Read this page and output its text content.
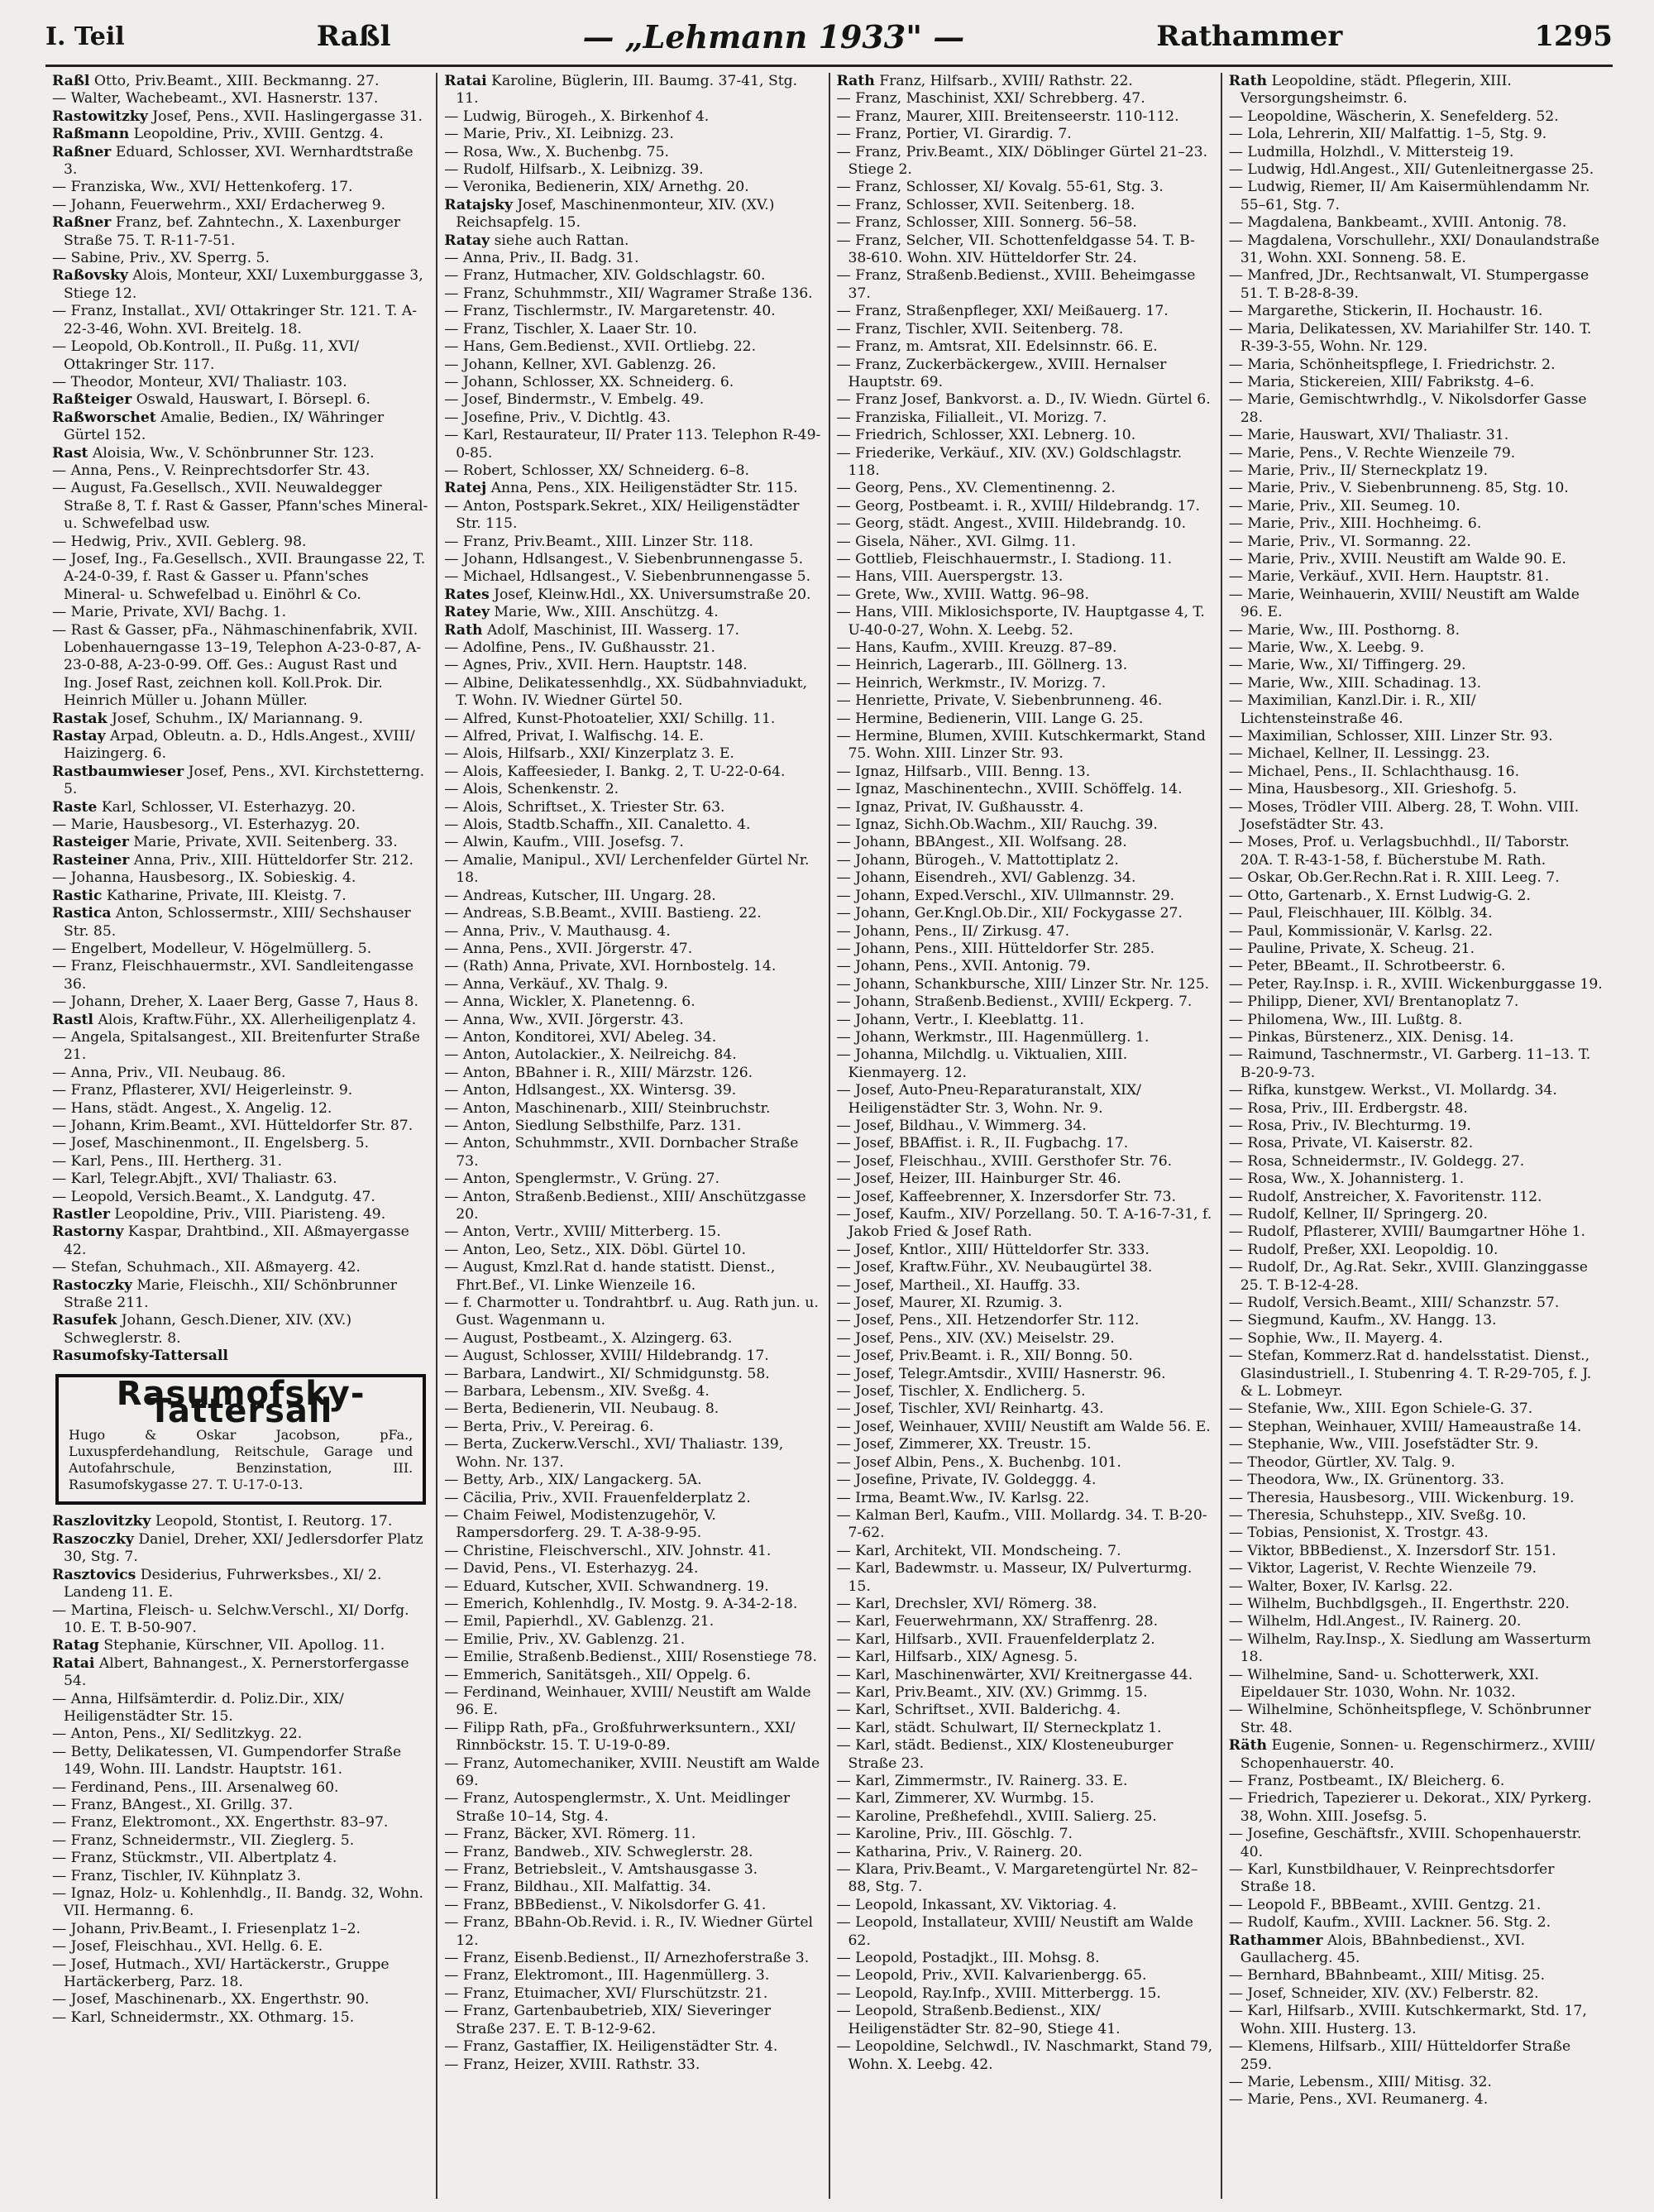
I. Teil	Raßl	— „Lehmann 1933" —	Rathammer	1295

Raßl Otto, Priv.Beamt., XIII. Beckmanng. 27.

— Walter, Wachebeamt., XVI. Hasnerstr. 137.

Rastowitzky Josef, Pens., XVII. Haslingergasse 31.

Raßmann Leopoldine, Priv., XVIII. Gentzg. 4.

Raßner Eduard, Schlosser, XVI. Wernhardtstraße 3.

— Franziska, Ww., XVI/ Hettenkoferg. 17.

— Johann, Feuerwehrm., XXI/ Erdacherweg 9.

Raßner Franz, bef. Zahntechn., X. Laxenburger Straße 75. T. R-11-7-51.

— Sabine, Priv., XV. Sperrg. 5.

Raßovsky Alois, Monteur, XXI/ Luxemburggasse 3, Stiege 12.

— Franz, Installat., XVI/ Ottakringer Str. 121. T. A-22-3-46, Wohn. XVI. Breitelg. 18.

— Leopold, Ob.Kontroll., II. Pußg. 11, XVI/ Ottakringer Str. 117.

— Theodor, Monteur, XVI/ Thaliastr. 103.

Raßteiger Oswald, Hauswart, I. Börsepl. 6.

Raßworschet Amalie, Bedien., IX/ Währinger Gürtel 152.

Rast Aloisia, Ww., V. Schönbrunner Str. 123.

— Anna, Pens., V. Reinprechtsdorfer Str. 43.

— August, Fa.Gesellsch., XVII. Neuwaldegger Straße 8, T. f. Rast & Gasser, Pfann'sches Mineral- u. Schwefelbad usw.

— Hedwig, Priv., XVII. Geblerg. 98.

— Josef, Ing., Fa.Gesellsch., XVII. Braungasse 22, T. A-24-0-39, f. Rast & Gasser u. Pfann'sches Mineral- u. Schwefelbad u. Einöhrl & Co.

— Marie, Private, XVI/ Bachg. 1.

— Rast & Gasser, pFa., Nähmaschinenfabrik, XVII. Lobenhauerngasse 13–19, Telephon A-23-0-87, A-23-0-88, A-23-0-99. Off. Ges.: August Rast und Ing. Josef Rast, zeichnen koll. Koll.Prok. Dir. Heinrich Müller u. Johann Müller.

Rastak Josef, Schuhm., IX/ Mariannang. 9.

Rastay Arpad, Obleutn. a. D., Hdls.Angest., XVIII/ Haizingerg. 6.

Rastbaumwieser Josef, Pens., XVI. Kirchstetterng. 5.

Raste Karl, Schlosser, VI. Esterhazyg. 20.

— Marie, Hausbesorg., VI. Esterhazyg. 20.

Rasteiger Marie, Private, XVII. Seitenberg. 33.

Rasteiner Anna, Priv., XIII. Hütteldorfer Str. 212.

— Johanna, Hausbesorg., IX. Sobieskig. 4.

Rastic Katharine, Private, III. Kleistg. 7.

Rastica Anton, Schlossermstr., XIII/ Sechshauser Str. 85.

— Engelbert, Modelleur, V. Högelmüllerg. 5.

— Franz, Fleischhauermstr., XVI. Sandleitengasse 36.

— Johann, Dreher, X. Laaer Berg, Gasse 7, Haus 8.

Rastl Alois, Kraftw.Führ., XX. Allerheiligenplatz 4.

— Angela, Spitalsangest., XII. Breitenfurter Straße 21.

— Anna, Priv., VII. Neubaug. 86.

— Franz, Pflasterer, XVI/ Heigerleinstr. 9.

— Hans, städt. Angest., X. Angelig. 12.

— Johann, Krim.Beamt., XVI. Hütteldorfer Str. 87.

— Josef, Maschinenmont., II. Engelsberg. 5.

— Karl, Pens., III. Hertherg. 31.

— Karl, Telegr.Abjft., XVI/ Thaliastr. 63.

— Leopold, Versich.Beamt., X. Landgutg. 47.

Rastler Leopoldine, Priv., VIII. Piaristeng. 49.

Rastorny Kaspar, Drahtbind., XII. Aßmayergasse 42.

— Stefan, Schuhmach., XII. Aßmayerg. 42.

Rastoczky Marie, Fleischh., XII/ Schönbrunner Straße 211.

Rasufek Johann, Gesch.Diener, XIV. (XV.) Schweglerstr. 8.

Rasumofsky-Tattersall

Rasumofsky-Tattersall
Hugo & Oskar Jacobson, pFa., Luxuspferdehandlung, Reitschule, Garage und Autofahrschule, Benzinstation, III. Rasumofskygasse 27. T. U-17-0-13.

Raszlovitzky Leopold, Stontist, I. Reutorg. 17.

Raszoczky Daniel, Dreher, XXI/ Jedlersdorfer Platz 30, Stg. 7.

Rasztovics Desiderius, Fuhrwerksbes., XI/ 2. Landeng 11. E.

— Martina, Fleisch- u. Selchw.Verschl., XI/ Dorfg. 10. E. T. B-50-907.

Ratag Stephanie, Kürschner, VII. Apollog. 11.

Ratai Albert, Bahnangest., X. Pernerstorfergasse 54.

— Anna, Hilfsämterdir. d. Poliz.Dir., XIX/ Heiligenstädter Str. 15.

— Anton, Pens., XI/ Sedlitzkyg. 22.

— Betty, Delikatessen, VI. Gumpendorfer Straße 149, Wohn. III. Landstr. Hauptstr. 161.

— Ferdinand, Pens., III. Arsenalweg 60.

— Franz, BAngest., XI. Grillg. 37.

— Franz, Elektromont., XX. Engerthstr. 83–97.

— Franz, Schneidermstr., VII. Zieglerg. 5.

— Franz, Stückmstr., VII. Albertplatz 4.

— Franz, Tischler, IV. Kühnplatz 3.

— Ignaz, Holz- u. Kohlenhdlg., II. Bandg. 32, Wohn. VII. Hermanng. 6.

— Johann, Priv.Beamt., I. Friesenplatz 1–2.

— Josef, Fleischhau., XVI. Hellg. 6. E.

— Josef, Hutmach., XVI/ Hartäckerstr., Gruppe Hartäckerberg, Parz. 18.

— Josef, Maschinenarb., XX. Engerthstr. 90.

— Karl, Schneidermstr., XX. Othmarg. 15.

Ratai Karoline, Büglerin, III. Baumg. 37-41, Stg. 11.

— Ludwig, Bürogeh., X. Birkenhof 4.

— Marie, Priv., XI. Leibnizg. 23.

— Rosa, Ww., X. Buchenbg. 75.

— Rudolf, Hilfsarb., X. Leibnizg. 39.

— Veronika, Bedienerin, XIX/ Arnethg. 20.

Ratajsky Josef, Maschinenmonteur, XIV. (XV.) Reichsapfelg. 15.

Ratay siehe auch Rattan.

— Anna, Priv., II. Badg. 31.

— Franz, Hutmacher, XIV. Goldschlagstr. 60.

— Franz, Schuhmmstr., XII/ Wagramer Straße 136.

— Franz, Tischlermstr., IV. Margaretenstr. 40.

— Franz, Tischler, X. Laaer Str. 10.

— Hans, Gem.Bedienst., XVII. Ortliebg. 22.

— Johann, Kellner, XVI. Gablenzg. 26.

— Johann, Schlosser, XX. Schneiderg. 6.

— Josef, Bindermstr., V. Embelg. 49.

— Josefine, Priv., V. Dichtlg. 43.

— Karl, Restaurateur, II/ Prater 113. Telephon R-49-0-85.

— Robert, Schlosser, XX/ Schneiderg. 6–8.

Ratej Anna, Pens., XIX. Heiligenstädter Str. 115.

— Anton, Postspark.Sekret., XIX/ Heiligenstädter Str. 115.

— Franz, Priv.Beamt., XIII. Linzer Str. 118.

— Johann, Hdlsangest., V. Siebenbrunnengasse 5.

— Michael, Hdlsangest., V. Siebenbrunnengasse 5.

Rates Josef, Kleinw.Hdl., XX. Universumstraße 20.

Ratey Marie, Ww., XIII. Anschützg. 4.

Rath Adolf, Maschinist, III. Wasserg. 17.

— Adolfine, Pens., IV. Gußhausstr. 21.

— Agnes, Priv., XVII. Hern. Hauptstr. 148.

— Albine, Delikatessenhdlg., XX. Südbahnviadukt, T. Wohn. IV. Wiedner Gürtel 50.

— Alfred, Kunst-Photoatelier, XXI/ Schillg. 11.

— Alfred, Privat, I. Walfischg. 14. E.

— Alois, Hilfsarb., XXI/ Kinzerplatz 3. E.

— Alois, Kaffeesieder, I. Bankg. 2, T. U-22-0-64.

— Alois, Schenkenstr. 2.

— Alois, Schriftset., X. Triester Str. 63.

— Alois, Stadtb.Schaffn., XII. Canaletto. 4.

— Alwin, Kaufm., VIII. Josefsg. 7.

— Amalie, Manipul., XVI/ Lerchenfelder Gürtel Nr. 18.

— Andreas, Kutscher, III. Ungarg. 28.

— Andreas, S.B.Beamt., XVIII. Bastieng. 22.

— Anna, Priv., V. Mauthausg. 4.

— Anna, Pens., XVII. Jörgerstr. 47.

— (Rath) Anna, Private, XVI. Hornbostelg. 14.

— Anna, Verkäuf., XV. Thalg. 9.

— Anna, Wickler, X. Planetenng. 6.

— Anna, Ww., XVII. Jörgerstr. 43.

— Anton, Konditorei, XVI/ Abeleg. 34.

— Anton, Autolackier., X. Neilreichg. 84.

— Anton, BBahner i. R., XIII/ Märzstr. 126.

— Anton, Hdlsangest., XX. Wintersg. 39.

— Anton, Maschinenarb., XIII/ Steinbruchstr.

— Anton, Siedlung Selbsthilfe, Parz. 131.

— Anton, Schuhmmstr., XVII. Dornbacher Straße 73.

— Anton, Spenglermstr., V. Grüng. 27.

— Anton, Straßenb.Bedienst., XIII/ Anschützgasse 20.

— Anton, Vertr., XVIII/ Mitterberg. 15.

— Anton, Leo, Setz., XIX. Döbl. Gürtel 10.

— August, Kmzl.Rat d. hande statistt. Dienst., Fhrt.Bef., VI. Linke Wienzeile 16.

— f. Charmotter u. Tondrahtbrf. u. Aug. Rath jun. u. Gust. Wagenmann u.

— August, Postbeamt., X. Alzingerg. 63.

— August, Schlosser, XVIII/ Hildebrandg. 17.

— Barbara, Landwirt., XI/ Schmidgunstg. 58.

— Barbara, Lebensm., XIV. Sveßg. 4.

— Berta, Bedienerin, VII. Neubaug. 8.

— Berta, Priv., V. Pereirag. 6.

— Berta, Zuckerw.Verschl., XVI/ Thaliastr. 139, Wohn. Nr. 137.

— Betty, Arb., XIX/ Langackerg. 5A.

— Cäcilia, Priv., XVII. Frauenfelderplatz 2.

— Chaim Feiwel, Modistenzugehör, V. Rampersdorferg. 29. T. A-38-9-95.

— Christine, Fleischverschl., XIV. Johnstr. 41.

— David, Pens., VI. Esterhazyg. 24.

— Eduard, Kutscher, XVII. Schwandnerg. 19.

— Emerich, Kohlenhdlg., IV. Mostg. 9. A-34-2-18.

— Emil, Papierhdl., XV. Gablenzg. 21.

— Emilie, Priv., XV. Gablenzg. 21.

— Emilie, Straßenb.Bedienst., XIII/ Rosenstiege 78.

— Emmerich, Sanitätsgeh., XII/ Oppelg. 6.

— Ferdinand, Weinhauer, XVIII/ Neustift am Walde 96. E.

— Filipp Rath, pFa., Großfuhrwerksuntern., XXI/ Rinnböckstr. 15. T. U-19-0-89.

— Franz, Automechaniker, XVIII. Neustift am Walde 69.

— Franz, Autospenglermstr., X. Unt. Meidlinger Straße 10–14, Stg. 4.

— Franz, Bäcker, XVI. Römerg. 11.

— Franz, Bandweb., XIV. Schweglerstr. 28.

— Franz, Betriebsleit., V. Amtshausgasse 3.

— Franz, Bildhau., XII. Malfattig. 34.

— Franz, BBBedienst., V. Nikolsdorfer G. 41.

— Franz, BBahn-Ob.Revid. i. R., IV. Wiedner Gürtel 12.

— Franz, Eisenb.Bedienst., II/ Arnezhoferstraße 3.

— Franz, Elektromont., III. Hagenmüllerg. 3.

— Franz, Etuimacher, XVI/ Flurschützstr. 21.

— Franz, Gartenbaubetrieb, XIX/ Sieveringer Straße 237. E. T. B-12-9-62.

— Franz, Gastaffier, IX. Heiligenstädter Str. 4.

— Franz, Heizer, XVIII. Rathstr. 33.

Rath Franz, Hilfsarb., XVIII/ Rathstr. 22.

— Franz, Maschinist, XXI/ Schrebberg. 47.

— Franz, Maurer, XIII. Breitenseerstr. 110-112.

— Franz, Portier, VI. Girardig. 7.

— Franz, Priv.Beamt., XIX/ Döblinger Gürtel 21–23. Stiege 2.

— Franz, Schlosser, XI/ Kovalg. 55-61, Stg. 3.

— Franz, Schlosser, XVII. Seitenberg. 18.

— Franz, Schlosser, XIII. Sonnerg. 56–58.

— Franz, Selcher, VII. Schottenfeldgasse 54. T. B-38-610. Wohn. XIV. Hütteldorfer Str. 24.

— Franz, Straßenb.Bedienst., XVIII. Beheimgasse 37.

— Franz, Straßenpfleger, XXI/ Meißauerg. 17.

— Franz, Tischler, XVII. Seitenberg. 78.

— Franz, m. Amtsrat, XII. Edelsinnstr. 66. E.

— Franz, Zuckerbäckergew., XVIII. Hernalser Hauptstr. 69.

— Franz Josef, Bankvorst. a. D., IV. Wiedn. Gürtel 6.

— Franziska, Filialleit., VI. Morizg. 7.

— Friedrich, Schlosser, XXI. Lebnerg. 10.

— Friederike, Verkäuf., XIV. (XV.) Goldschlagstr. 118.

— Georg, Pens., XV. Clementinenng. 2.

— Georg, Postbeamt. i. R., XVIII/ Hildebrandg. 17.

— Georg, städt. Angest., XVIII. Hildebrandg. 10.

— Gisela, Näher., XVI. Gilmg. 11.

— Gottlieb, Fleischhauermstr., I. Stadiong. 11.

— Hans, VIII. Auerspergstr. 13.

— Grete, Ww., XVIII. Wattg. 96–98.

— Hans, VIII. Miklosichsporte, IV. Hauptgasse 4, T. U-40-0-27, Wohn. X. Leebg. 52.

— Hans, Kaufm., XVIII. Kreuzg. 87–89.

— Heinrich, Lagerarb., III. Göllnerg. 13.

— Heinrich, Werkmstr., IV. Morizg. 7.

— Henriette, Private, V. Siebenbrunneng. 46.

— Hermine, Bedienerin, VIII. Lange G. 25.

— Hermine, Blumen, XVIII. Kutschkermarkt, Stand 75. Wohn. XIII. Linzer Str. 93.

— Ignaz, Hilfsarb., VIII. Benng. 13.

— Ignaz, Maschinentechn., XVIII. Schöffelg. 14.

— Ignaz, Privat, IV. Gußhausstr. 4.

— Ignaz, Sichh.Ob.Wachm., XII/ Rauchg. 39.

— Johann, BBAngest., XII. Wolfsang. 28.

— Johann, Bürogeh., V. Mattottiplatz 2.

— Johann, Eisendreh., XVI/ Gablenzg. 34.

— Johann, Exped.Verschl., XIV. Ullmannstr. 29.

— Johann, Ger.Kngl.Ob.Dir., XII/ Fockygasse 27.

— Johann, Pens., II/ Zirkusg. 47.

— Johann, Pens., XIII. Hütteldorfer Str. 285.

— Johann, Pens., XVII. Antonig. 79.

— Johann, Schankbursche, XIII/ Linzer Str. Nr. 125.

— Johann, Straßenb.Bedienst., XVIII/ Eckperg. 7.

— Johann, Vertr., I. Kleeblattg. 11.

— Johann, Werkmstr., III. Hagenmüllerg. 1.

— Johanna, Milchdlg. u. Viktualien, XIII. Kienmayerg. 12.

— Josef, Auto-Pneu-Reparaturanstalt, XIX/ Heiligenstädter Str. 3, Wohn. Nr. 9.

— Josef, Bildhau., V. Wimmerg. 34.

— Josef, BBAffist. i. R., II. Fugbachg. 17.

— Josef, Fleischhau., XVIII. Gersthofer Str. 76.

— Josef, Heizer, III. Hainburger Str. 46.

— Josef, Kaffeebrenner, X. Inzersdorfer Str. 73.

— Josef, Kaufm., XIV/ Porzellang. 50. T. A-16-7-31, f. Jakob Fried & Josef Rath.

— Josef, Kntlor., XIII/ Hütteldorfer Str. 333.

— Josef, Kraftw.Führ., XV. Neubaugürtel 38.

— Josef, Martheil., XI. Hauffg. 33.

— Josef, Maurer, XI. Rzumig. 3.

— Josef, Pens., XII. Hetzendorfer Str. 112.

— Josef, Pens., XIV. (XV.) Meiselstr. 29.

— Josef, Priv.Beamt. i. R., XII/ Bonng. 50.

— Josef, Telegr.Amtsdir., XVIII/ Hasnerstr. 96.

— Josef, Tischler, X. Endlicherg. 5.

— Josef, Tischler, XVI/ Reinhartg. 43.

— Josef, Weinhauer, XVIII/ Neustift am Walde 56. E.

— Josef, Zimmerer, XX. Treustr. 15.

— Josef Albin, Pens., X. Buchenbg. 101.

— Josefine, Private, IV. Goldeggg. 4.

— Irma, Beamt.Ww., IV. Karlsg. 22.

— Kalman Berl, Kaufm., VIII. Mollardg. 34. T. B-20-7-62.

— Karl, Architekt, VII. Mondscheing. 7.

— Karl, Badewmstr. u. Masseur, IX/ Pulverturmg. 15.

— Karl, Drechsler, XVI/ Römerg. 38.

— Karl, Feuerwehrmann, XX/ Straffenrg. 28.

— Karl, Hilfsarb., XVII. Frauenfelderplatz 2.

— Karl, Hilfsarb., XIX/ Agnesg. 5.

— Karl, Maschinenwärter, XVI/ Kreitnergasse 44.

— Karl, Priv.Beamt., XIV. (XV.) Grimmg. 15.

— Karl, Schriftset., XVII. Balderichg. 4.

— Karl, städt. Schulwart, II/ Sterneckplatz 1.

— Karl, städt. Bedienst., XIX/ Klosteneuburger Straße 23.

— Karl, Zimmermstr., IV. Rainerg. 33. E.

— Karl, Zimmerer, XV. Wurmbg. 15.

— Karoline, Preßhefehdl., XVIII. Salierg. 25.

— Karoline, Priv., III. Göschlg. 7.

— Katharina, Priv., V. Rainerg. 20.

— Klara, Priv.Beamt., V. Margaretengürtel Nr. 82–88, Stg. 7.

— Leopold, Inkassant, XV. Viktoriag. 4.

— Leopold, Installateur, XVIII/ Neustift am Walde 62.

— Leopold, Postadjkt., III. Mohsg. 8.

— Leopold, Priv., XVII. Kalvarienbergg. 65.

— Leopold, Ray.Infp., XVIII. Mitterbergg. 15.

— Leopold, Straßenb.Bedienst., XIX/ Heiligenstädter Str. 82–90, Stiege 41.

— Leopoldine, Selchwdl., IV. Naschmarkt, Stand 79, Wohn. X. Leebg. 42.

Rath Leopoldine, städt. Pflegerin, XIII. Versorgungsheimstr. 6.

— Leopoldine, Wäscherin, X. Senefelderg. 52.

— Lola, Lehrerin, XII/ Malfattig. 1–5, Stg. 9.

— Ludmilla, Holzhdl., V. Mittersteig 19.

— Ludwig, Hdl.Angest., XII/ Gutenleitnergasse 25.

— Ludwig, Riemer, II/ Am Kaisermühlendamm Nr. 55–61, Stg. 7.

— Magdalena, Bankbeamt., XVIII. Antonig. 78.

— Magdalena, Vorschullehr., XXI/ Donaulandstraße 31, Wohn. XXI. Sonneng. 58. E.

— Manfred, JDr., Rechtsanwalt, VI. Stumpergasse 51. T. B-28-8-39.

— Margarethe, Stickerin, II. Hochaustr. 16.

— Maria, Delikatessen, XV. Mariahilfer Str. 140. T. R-39-3-55, Wohn. Nr. 129.

— Maria, Schönheitspflege, I. Friedrichstr. 2.

— Maria, Stickereien, XIII/ Fabrikstg. 4–6.

— Marie, Gemischtwrhdlg., V. Nikolsdorfer Gasse 28.

— Marie, Hauswart, XVI/ Thaliastr. 31.

— Marie, Pens., V. Rechte Wienzeile 79.

— Marie, Priv., II/ Sterneckplatz 19.

— Marie, Priv., V. Siebenbrunneng. 85, Stg. 10.

— Marie, Priv., XII. Seumeg. 10.

— Marie, Priv., XIII. Hochheimg. 6.

— Marie, Priv., VI. Sormanng. 22.

— Marie, Priv., XVIII. Neustift am Walde 90. E.

— Marie, Verkäuf., XVII. Hern. Hauptstr. 81.

— Marie, Weinhauerin, XVIII/ Neustift am Walde 96. E.

— Marie, Ww., III. Posthorng. 8.

— Marie, Ww., X. Leebg. 9.

— Marie, Ww., XI/ Tiffingerg. 29.

— Marie, Ww., XIII. Schadinag. 13.

— Maximilian, Kanzl.Dir. i. R., XII/ Lichtensteinstraße 46.

— Maximilian, Schlosser, XIII. Linzer Str. 93.

— Michael, Kellner, II. Lessingg. 23.

— Michael, Pens., II. Schlachthausg. 16.

— Mina, Hausbesorg., XII. Grieshofg. 5.

— Moses, Trödler VIII. Alberg. 28, T. Wohn. VIII. Josefstädter Str. 43.

— Moses, Prof. u. Verlagsbuchhdl., II/ Taborstr. 20A. T. R-43-1-58, f. Bücherstube M. Rath.

— Oskar, Ob.Ger.Rechn.Rat i. R. XIII. Leeg. 7.

— Otto, Gartenarb., X. Ernst Ludwig-G. 2.

— Paul, Fleischhauer, III. Kölblg. 34.

— Paul, Kommissionär, V. Karlsg. 22.

— Pauline, Private, X. Scheug. 21.

— Peter, BBeamt., II. Schrotbeerstr. 6.

— Peter, Ray.Insp. i. R., XVIII. Wickenburggasse 19.

— Philipp, Diener, XVI/ Brentanoplatz 7.

— Philomena, Ww., III. Lußtg. 8.

— Pinkas, Bürstenerz., XIX. Denisg. 14.

— Raimund, Taschnermstr., VI. Garberg. 11–13. T. B-20-9-73.

— Rifka, kunstgew. Werkst., VI. Mollardg. 34.

— Rosa, Priv., III. Erdbergstr. 48.

— Rosa, Priv., IV. Blechturmg. 19.

— Rosa, Private, VI. Kaiserstr. 82.

— Rosa, Schneidermstr., IV. Goldegg. 27.

— Rosa, Ww., X. Johannisterg. 1.

— Rudolf, Anstreicher, X. Favoritenstr. 112.

— Rudolf, Kellner, II/ Springerg. 20.

— Rudolf, Pflasterer, XVIII/ Baumgartner Höhe 1.

— Rudolf, Preßer, XXI. Leopoldig. 10.

— Rudolf, Dr., Ag.Rat. Sekr., XVIII. Glanzinggasse 25. T. B-12-4-28.

— Rudolf, Versich.Beamt., XIII/ Schanzstr. 57.

— Siegmund, Kaufm., XV. Hangg. 13.

— Sophie, Ww., II. Mayerg. 4.

— Stefan, Kommerz.Rat d. handelsstatist. Dienst., Glasindustriell., I. Stubenring 4. T. R-29-705, f. J. & L. Lobmeyr.

— Stefanie, Ww., XIII. Egon Schiele-G. 37.

— Stephan, Weinhauer, XVIII/ Hameaustraße 14.

— Stephanie, Ww., VIII. Josefstädter Str. 9.

— Theodor, Gürtler, XV. Talg. 9.

— Theodora, Ww., IX. Grünentorg. 33.

— Theresia, Hausbesorg., VIII. Wickenburg. 19.

— Theresia, Schuhstepp., XIV. Sveßg. 10.

— Tobias, Pensionist, X. Trostgr. 43.

— Viktor, BBBedienst., X. Inzersdorf Str. 151.

— Viktor, Lagerist, V. Rechte Wienzeile 79.

— Walter, Boxer, IV. Karlsg. 22.

— Wilhelm, Buchbdlgsgeh., II. Engerthstr. 220.

— Wilhelm, Hdl.Angest., IV. Rainerg. 20.

— Wilhelm, Ray.Insp., X. Siedlung am Wasserturm 18.

— Wilhelmine, Sand- u. Schotterwerk, XXI. Eipeldauer Str. 1030, Wohn. Nr. 1032.

— Wilhelmine, Schönheitspflege, V. Schönbrunner Str. 48.

Räth Eugenie, Sonnen- u. Regenschirmerz., XVIII/ Schopenhauerstr. 40.

— Franz, Postbeamt., IX/ Bleicherg. 6.

— Friedrich, Tapezierer u. Dekorat., XIX/ Pyrkerg. 38, Wohn. XIII. Josefsg. 5.

— Josefine, Geschäftsfr., XVIII. Schopenhauerstr. 40.

— Karl, Kunstbildhauer, V. Reinprechtsdorfer Straße 18.

— Leopold F., BBBeamt., XVIII. Gentzg. 21.

— Rudolf, Kaufm., XVIII. Lackner. 56. Stg. 2.

Rathammer Alois, BBahnbedienst., XVI. Gaullacherg. 45.

— Bernhard, BBahnbeamt., XIII/ Mitisg. 25.

— Josef, Schneider, XIV. (XV.) Felberstr. 82.

— Karl, Hilfsarb., XVIII. Kutschkermarkt, Std. 17, Wohn. XIII. Husterg. 13.

— Klemens, Hilfsarb., XIII/ Hütteldorfer Straße 259.

— Marie, Lebensm., XIII/ Mitisg. 32.

— Marie, Pens., XVI. Reumanerg. 4.
